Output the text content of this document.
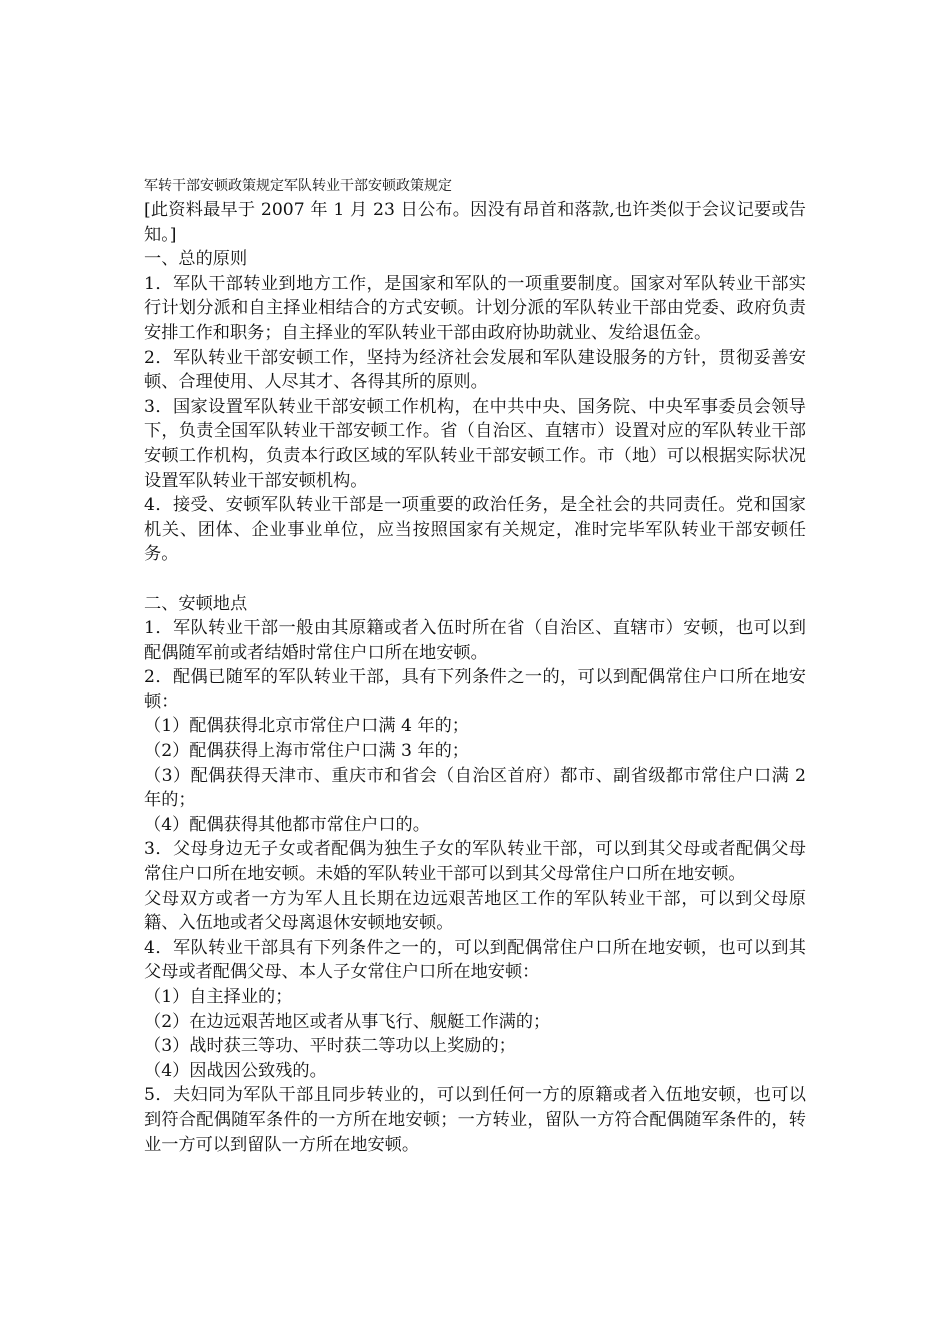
军转干部安顿政策规定军队转业干部安顿政策规定

[此资料最早于 2007 年 1 月 23 日公布。因没有昂首和落款,也许类似于会议记要或告知。]

一、总的原则

1．军队干部转业到地方工作，是国家和军队的一项重要制度。国家对军队转业干部实行计划分派和自主择业相结合的方式安顿。计划分派的军队转业干部由党委、政府负责安排工作和职务；自主择业的军队转业干部由政府协助就业、发给退伍金。

2．军队转业干部安顿工作，坚持为经济社会发展和军队建设服务的方针，贯彻妥善安顿、合理使用、人尽其才、各得其所的原则。

3．国家设置军队转业干部安顿工作机构，在中共中央、国务院、中央军事委员会领导下，负责全国军队转业干部安顿工作。省（自治区、直辖市）设置对应的军队转业干部安顿工作机构，负责本行政区域的军队转业干部安顿工作。市（地）可以根据实际状况设置军队转业干部安顿机构。

4．接受、安顿军队转业干部是一项重要的政治任务，是全社会的共同责任。党和国家机关、团体、企业事业单位，应当按照国家有关规定，准时完毕军队转业干部安顿任务。

二、安顿地点

1．军队转业干部一般由其原籍或者入伍时所在省（自治区、直辖市）安顿，也可以到配偶随军前或者结婚时常住户口所在地安顿。

2．配偶已随军的军队转业干部，具有下列条件之一的，可以到配偶常住户口所在地安顿：

（1）配偶获得北京市常住户口满 4 年的；

（2）配偶获得上海市常住户口满 3 年的；

（3）配偶获得天津市、重庆市和省会（自治区首府）都市、副省级都市常住户口满 2 年的；

（4）配偶获得其他都市常住户口的。

3．父母身边无子女或者配偶为独生子女的军队转业干部，可以到其父母或者配偶父母常住户口所在地安顿。未婚的军队转业干部可以到其父母常住户口所在地安顿。

父母双方或者一方为军人且长期在边远艰苦地区工作的军队转业干部，可以到父母原籍、入伍地或者父母离退休安顿地安顿。

4．军队转业干部具有下列条件之一的，可以到配偶常住户口所在地安顿，也可以到其父母或者配偶父母、本人子女常住户口所在地安顿：

（1）自主择业的；

（2）在边远艰苦地区或者从事飞行、舰艇工作满的；

（3）战时获三等功、平时获二等功以上奖励的；

（4）因战因公致残的。

5．夫妇同为军队干部且同步转业的，可以到任何一方的原籍或者入伍地安顿，也可以到符合配偶随军条件的一方所在地安顿；一方转业，留队一方符合配偶随军条件的，转业一方可以到留队一方所在地安顿。
